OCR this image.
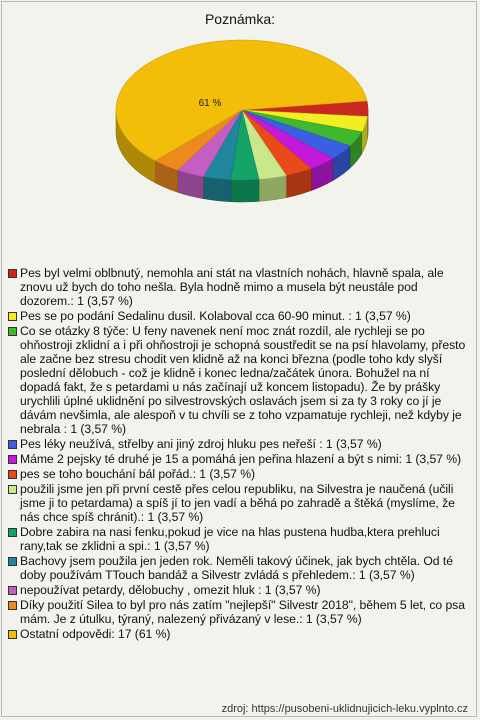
Poznámka:
61 %
Pes byl velmi oblbnutý, nemohla ani stát na vlastních nohách, hlavně spala, ale znovu už bych do toho nešla. Byla hodně mimo a musela být neustále pod dozorem.: 1 (3,57 %)
Pes se po podání Sedalinu dusil. Kolaboval cca 60-90 minut. : 1 (3,57 %)
Co se otázky 8 týče: U feny navenek není moc znát rozdíl, ale rychleji se po ohňostroji zklidní a i při ohňostroji je schopná soustředit se na psí hlavolamy, přesto ale začne bez stresu chodit ven klidně až na konci března (podle toho kdy slyší poslední dělobuch - což je klidně i konec ledna/začátek února. Bohužel na ní dopadá fakt, že s petardami u nás začínají už koncem listopadu). Že by prášky urychlili úplné uklidnění po silvestrovských oslavách jsem si za ty 3 roky co jí je dávám nevšimla, ale alespoň v tu chvíli se z toho vzpamatuje rychleji, než kdyby je nebrala : 1 (3,57 %)
Pes léky neužívá, střelby ani jiný zdroj hluku pes neřeší : 1 (3,57 %)
Máme 2 pejsky té druhé je 15 a pomáhá jen peřina hlazení a být s nimi: 1 (3,57 %)
pes se toho bouchání bál pořád.: 1 (3,57 %)
použili jsme jen při první cestě přes celou republiku, na Silvestra je naučená (učili jsme ji to petardama) a spíš jí to jen vadí a běhá po zahradě a štěká (myslíme, že nás chce spíš chránit).: 1 (3,57 %)
Dobre zabira na nasi fenku,pokud je vice na hlas pustena hudba,ktera prehluci rany,tak se zklidni a spi.: 1 (3,57 %)
Bachovy jsem použila jen jeden rok. Neměli takový účinek, jak bych chtěla. Od té doby používám TTouch bandáž a Silvestr zvládá s přehledem.: 1 (3,57 %)
nepoužívat petardy, dělobuchy , omezit hluk : 1 (3,57 %)
Díky použití Silea to byl pro nás zatím "nejlepší" Silvestr 2018", během 5 let, co psa mám. Je z útulku, týraný, nalezený přivázaný v lese.: 1 (3,57 %)
Ostatní odpovědi: 17 (61 %)
zdroj: https://pusobeni-uklidnujicich-leku.vyplnto.cz
